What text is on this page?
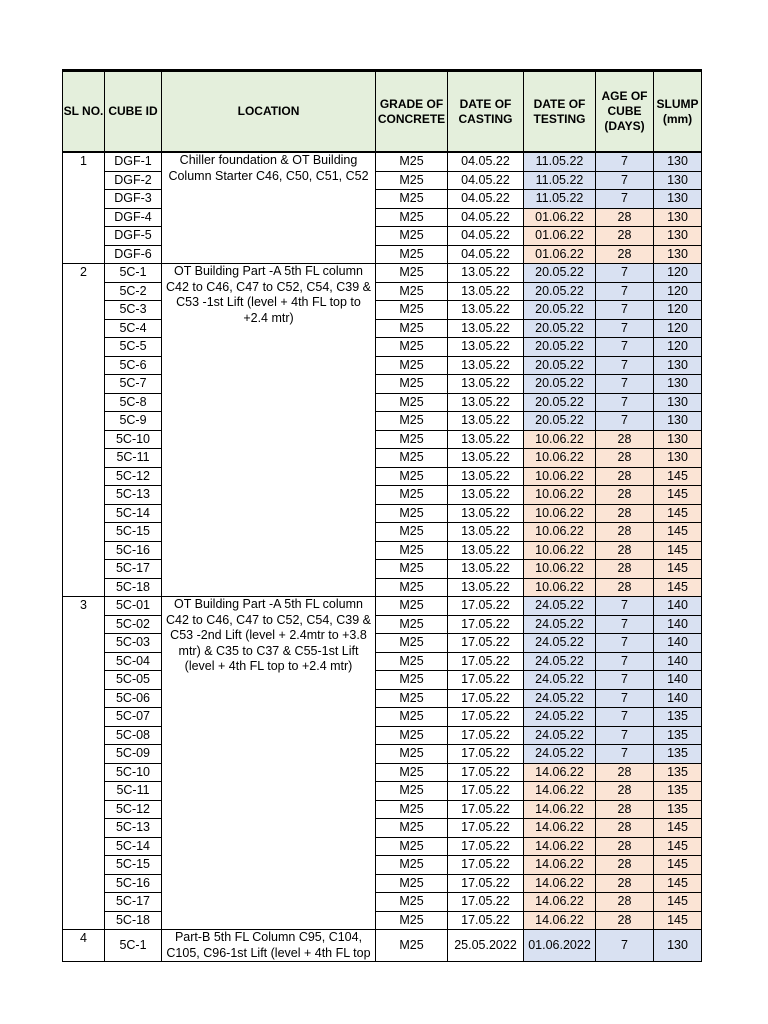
SL NO.	CUBE ID	LOCATION	GRADE OF CONCRETE	DATE OF CASTING	DATE OF TESTING	AGE OF CUBE (DAYS)	SLUMP (mm)
1	DGF-1	Chiller foundation & OT Building Column Starter C46, C50, C51, C52	M25	04.05.22	11.05.22	7	130
	DGF-2		M25	04.05.22	11.05.22	7	130
	DGF-3		M25	04.05.22	11.05.22	7	130
	DGF-4		M25	04.05.22	01.06.22	28	130
	DGF-5		M25	04.05.22	01.06.22	28	130
	DGF-6		M25	04.05.22	01.06.22	28	130
2	5C-1	OT Building Part -A 5th FL column C42 to C46, C47 to C52, C54, C39 & C53 -1st Lift (level + 4th FL top to +2.4 mtr)	M25	13.05.22	20.05.22	7	120
	5C-2		M25	13.05.22	20.05.22	7	120
	5C-3		M25	13.05.22	20.05.22	7	120
	5C-4		M25	13.05.22	20.05.22	7	120
	5C-5		M25	13.05.22	20.05.22	7	120
	5C-6		M25	13.05.22	20.05.22	7	130
	5C-7		M25	13.05.22	20.05.22	7	130
	5C-8		M25	13.05.22	20.05.22	7	130
	5C-9		M25	13.05.22	20.05.22	7	130
	5C-10		M25	13.05.22	10.06.22	28	130
	5C-11		M25	13.05.22	10.06.22	28	130
	5C-12		M25	13.05.22	10.06.22	28	145
	5C-13		M25	13.05.22	10.06.22	28	145
	5C-14		M25	13.05.22	10.06.22	28	145
	5C-15		M25	13.05.22	10.06.22	28	145
	5C-16		M25	13.05.22	10.06.22	28	145
	5C-17		M25	13.05.22	10.06.22	28	145
	5C-18		M25	13.05.22	10.06.22	28	145
3	5C-01	OT Building Part -A 5th FL column C42 to C46, C47 to C52, C54, C39 & C53 -2nd Lift (level + 2.4mtr to +3.8 mtr) & C35 to C37 & C55-1st Lift (level + 4th FL top to +2.4 mtr)	M25	17.05.22	24.05.22	7	140
	5C-02		M25	17.05.22	24.05.22	7	140
	5C-03		M25	17.05.22	24.05.22	7	140
	5C-04		M25	17.05.22	24.05.22	7	140
	5C-05		M25	17.05.22	24.05.22	7	140
	5C-06		M25	17.05.22	24.05.22	7	140
	5C-07		M25	17.05.22	24.05.22	7	135
	5C-08		M25	17.05.22	24.05.22	7	135
	5C-09		M25	17.05.22	24.05.22	7	135
	5C-10		M25	17.05.22	14.06.22	28	135
	5C-11		M25	17.05.22	14.06.22	28	135
	5C-12		M25	17.05.22	14.06.22	28	135
	5C-13		M25	17.05.22	14.06.22	28	145
	5C-14		M25	17.05.22	14.06.22	28	145
	5C-15		M25	17.05.22	14.06.22	28	145
	5C-16		M25	17.05.22	14.06.22	28	145
	5C-17		M25	17.05.22	14.06.22	28	145
	5C-18		M25	17.05.22	14.06.22	28	145
4	5C-1	Part-B 5th FL Column C95, C104, C105, C96-1st Lift (level + 4th FL top	M25	25.05.2022	01.06.2022	7	130
